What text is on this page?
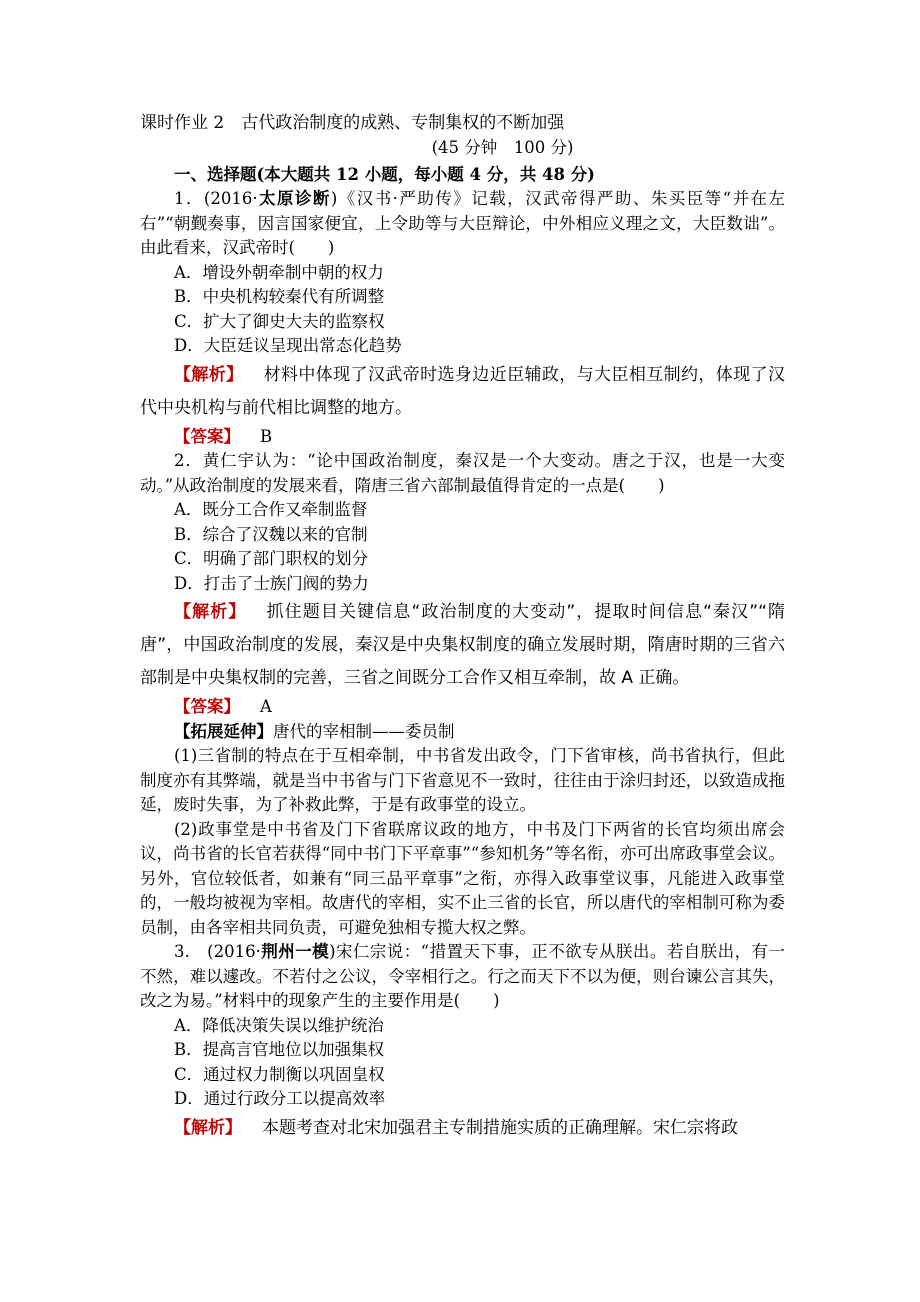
课时作业 2　古代政治制度的成熟、专制集权的不断加强

(45 分钟　100 分)

一、选择题(本大题共 12 小题，每小题 4 分，共 48 分)

1．(2016·太原诊断)《汉书·严助传》记载，汉武帝得严助、朱买臣等“并在左右”“朝觐奏事，因言国家便宜，上令助等与大臣辩论，中外相应义理之文，大臣数诎”。由此看来，汉武帝时(　　)

A．增设外朝牵制中朝的权力

B．中央机构较秦代有所调整

C．扩大了御史大夫的监察权

D．大臣廷议呈现出常态化趋势

【解析】 材料中体现了汉武帝时选身边近臣辅政，与大臣相互制约，体现了汉代中央机构与前代相比调整的地方。

【答案】 B

2．黄仁宇认为：“论中国政治制度，秦汉是一个大变动。唐之于汉，也是一大变动。”从政治制度的发展来看，隋唐三省六部制最值得肯定的一点是(　　)

A．既分工合作又牵制监督

B．综合了汉魏以来的官制

C．明确了部门职权的划分

D．打击了士族门阀的势力

【解析】 抓住题目关键信息“政治制度的大变动”，提取时间信息“秦汉”“隋唐”，中国政治制度的发展，秦汉是中央集权制度的确立发展时期，隋唐时期的三省六部制是中央集权制的完善，三省之间既分工合作又相互牵制，故 A 正确。

【答案】 A

【拓展延伸】唐代的宰相制——委员制

(1)三省制的特点在于互相牵制，中书省发出政令，门下省审核，尚书省执行，但此制度亦有其弊端，就是当中书省与门下省意见不一致时，往往由于涂归封还，以致造成拖延，废时失事，为了补救此弊，于是有政事堂的设立。

(2)政事堂是中书省及门下省联席议政的地方，中书及门下两省的长官均须出席会议，尚书省的长官若获得“同中书门下平章事”“参知机务”等名衔，亦可出席政事堂会议。另外，官位较低者，如兼有“同三品平章事”之衔，亦得入政事堂议事，凡能进入政事堂的，一般均被视为宰相。故唐代的宰相，实不止三省的长官，所以唐代的宰相制可称为委员制，由各宰相共同负责，可避免独相专揽大权之弊。

3.　(2016·荆州一模)宋仁宗说：“措置天下事，正不欲专从朕出。若自朕出，有一不然，难以遽改。不若付之公议，令宰相行之。行之而天下不以为便，则台谏公言其失，改之为易。”材料中的现象产生的主要作用是(　　)

A．降低决策失误以维护统治

B．提高言官地位以加强集权

C．通过权力制衡以巩固皇权

D．通过行政分工以提高效率

【解析】 本题考查对北宋加强君主专制措施实质的正确理解。宋仁宗将政
